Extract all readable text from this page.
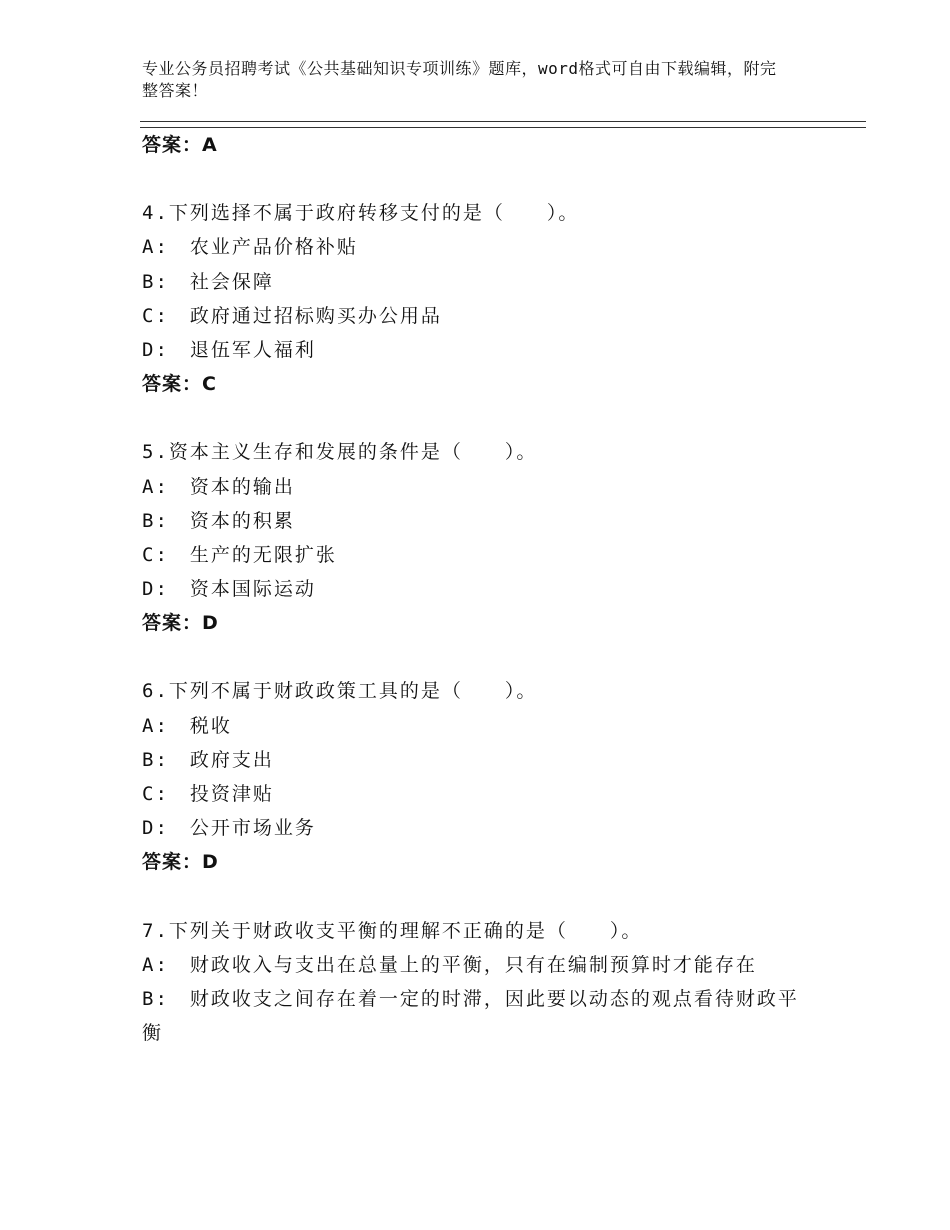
专业公务员招聘考试《公共基础知识专项训练》题库，word格式可自由下载编辑，附完整答案！
答案：A
4.下列选择不属于政府转移支付的是（　　）。
A:　农业产品价格补贴
B:　社会保障
C:　政府通过招标购买办公用品
D:　退伍军人福利
答案：C
5.资本主义生存和发展的条件是（　　）。
A:　资本的输出
B:　资本的积累
C:　生产的无限扩张
D:　资本国际运动
答案：D
6.下列不属于财政政策工具的是（　　）。
A:　税收
B:　政府支出
C:　投资津贴
D:　公开市场业务
答案：D
7.下列关于财政收支平衡的理解不正确的是（　　）。
A:　财政收入与支出在总量上的平衡，只有在编制预算时才能存在
B:　财政收支之间存在着一定的时滞，因此要以动态的观点看待财政平衡
